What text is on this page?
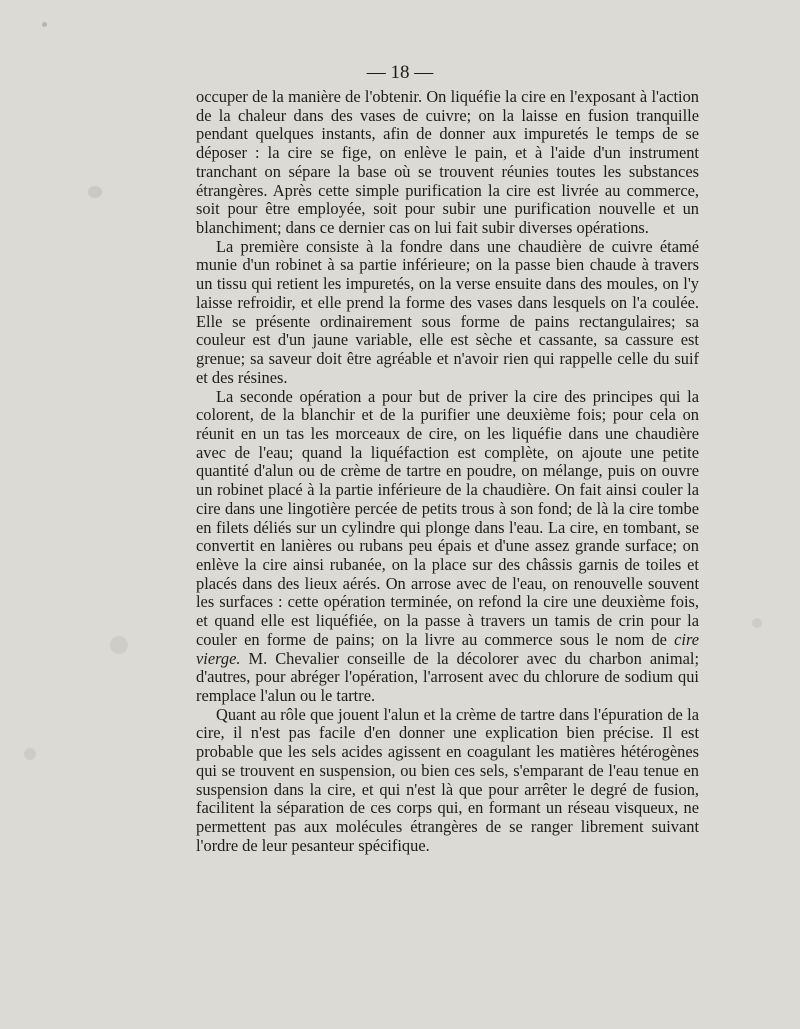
— 18 —

occuper de la manière de l'obtenir. On liquéfie la cire en l'exposant à l'action de la chaleur dans des vases de cuivre; on la laisse en fusion tranquille pendant quelques instants, afin de donner aux impuretés le temps de se déposer : la cire se fige, on enlève le pain, et à l'aide d'un instrument tranchant on sépare la base où se trouvent réunies toutes les substances étrangères. Après cette simple purification la cire est livrée au commerce, soit pour être employée, soit pour subir une purification nouvelle et un blanchiment; dans ce dernier cas on lui fait subir diverses opérations.

La première consiste à la fondre dans une chaudière de cuivre étamé munie d'un robinet à sa partie inférieure; on la passe bien chaude à travers un tissu qui retient les impuretés, on la verse ensuite dans des moules, on l'y laisse refroidir, et elle prend la forme des vases dans lesquels on l'a coulée. Elle se présente ordinairement sous forme de pains rectangulaires; sa couleur est d'un jaune variable, elle est sèche et cassante, sa cassure est grenue; sa saveur doit être agréable et n'avoir rien qui rappelle celle du suif et des résines.

La seconde opération a pour but de priver la cire des principes qui la colorent, de la blanchir et de la purifier une deuxième fois; pour cela on réunit en un tas les morceaux de cire, on les liquéfie dans une chaudière avec de l'eau; quand la liquéfaction est complète, on ajoute une petite quantité d'alun ou de crème de tartre en poudre, on mélange, puis on ouvre un robinet placé à la partie inférieure de la chaudière. On fait ainsi couler la cire dans une lingotière percée de petits trous à son fond; de là la cire tombe en filets déliés sur un cylindre qui plonge dans l'eau. La cire, en tombant, se convertit en lanières ou rubans peu épais et d'une assez grande surface; on enlève la cire ainsi rubanée, on la place sur des châssis garnis de toiles et placés dans des lieux aérés. On arrose avec de l'eau, on renouvelle souvent les surfaces : cette opération terminée, on refond la cire une deuxième fois, et quand elle est liquéfiée, on la passe à travers un tamis de crin pour la couler en forme de pains; on la livre au commerce sous le nom de cire vierge. M. Chevalier conseille de la décolorer avec du charbon animal; d'autres, pour abréger l'opération, l'arrosent avec du chlorure de sodium qui remplace l'alun ou le tartre.

Quant au rôle que jouent l'alun et la crème de tartre dans l'épuration de la cire, il n'est pas facile d'en donner une explication bien précise. Il est probable que les sels acides agissent en coagulant les matières hétérogènes qui se trouvent en suspension, ou bien ces sels, s'emparant de l'eau tenue en suspension dans la cire, et qui n'est là que pour arrêter le degré de fusion, facilitent la séparation de ces corps qui, en formant un réseau visqueux, ne permettent pas aux molécules étrangères de se ranger librement suivant l'ordre de leur pesanteur spécifique.
